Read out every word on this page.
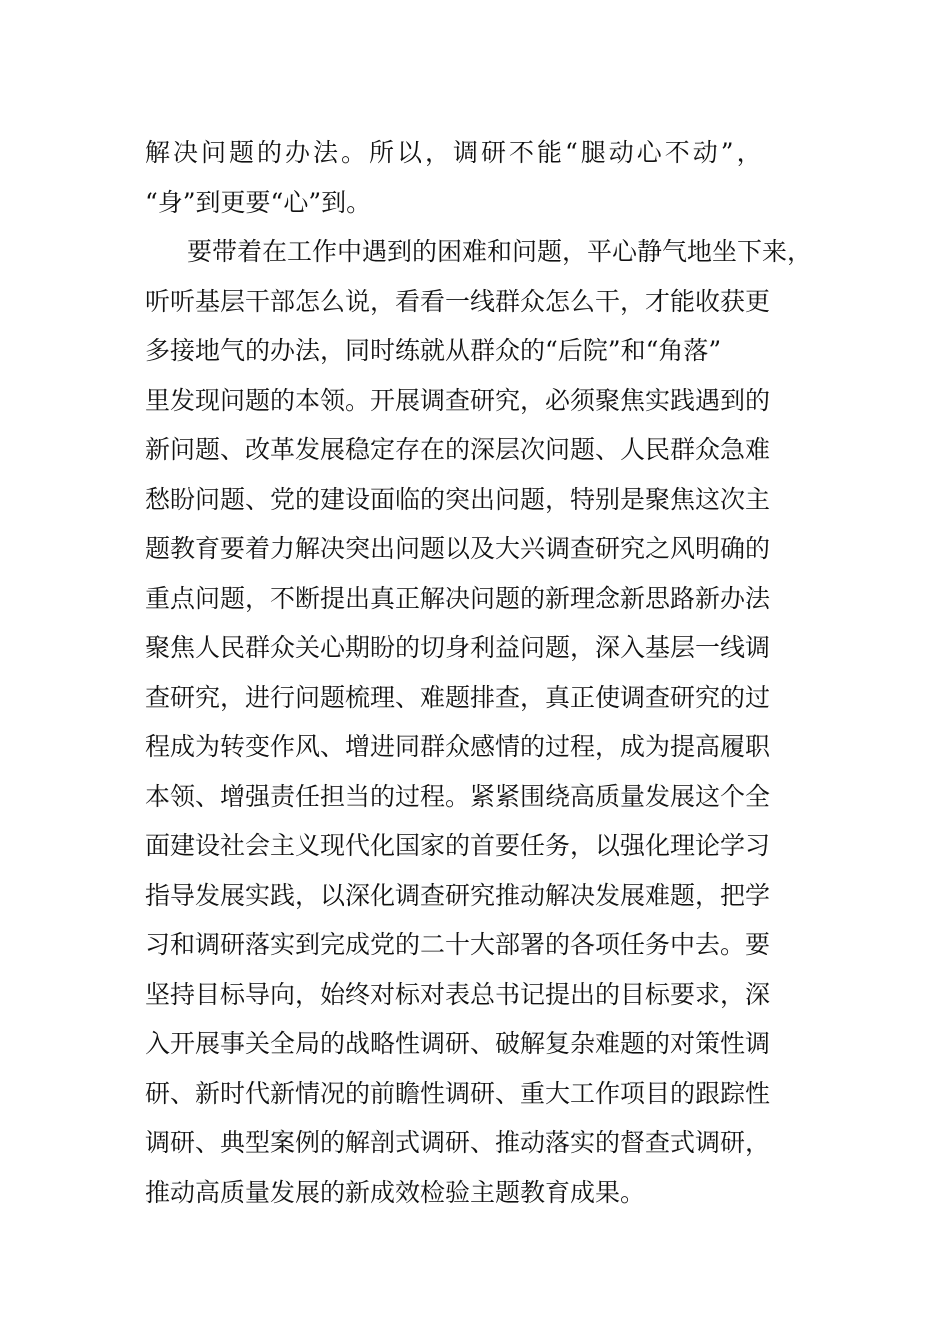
解决问题的办法。所以，调研不能“腿动心不动”，
“身”到更要“心”到。
要带着在工作中遇到的困难和问题，平心静气地坐下来，
听听基层干部怎么说，看看一线群众怎么干，才能收获更
多接地气的办法，同时练就从群众的“后院”和“角落”
里发现问题的本领。开展调查研究，必须聚焦实践遇到的
新问题、改革发展稳定存在的深层次问题、人民群众急难
愁盼问题、党的建设面临的突出问题，特别是聚焦这次主
题教育要着力解决突出问题以及大兴调查研究之风明确的
重点问题，不断提出真正解决问题的新理念新思路新办法
聚焦人民群众关心期盼的切身利益问题，深入基层一线调
查研究，进行问题梳理、难题排查，真正使调查研究的过
程成为转变作风、增进同群众感情的过程，成为提高履职
本领、增强责任担当的过程。紧紧围绕高质量发展这个全
面建设社会主义现代化国家的首要任务，以强化理论学习
指导发展实践，以深化调查研究推动解决发展难题，把学
习和调研落实到完成党的二十大部署的各项任务中去。要
坚持目标导向，始终对标对表总书记提出的目标要求，深
入开展事关全局的战略性调研、破解复杂难题的对策性调
研、新时代新情况的前瞻性调研、重大工作项目的跟踪性
调研、典型案例的解剖式调研、推动落实的督查式调研，
推动高质量发展的新成效检验主题教育成果。
